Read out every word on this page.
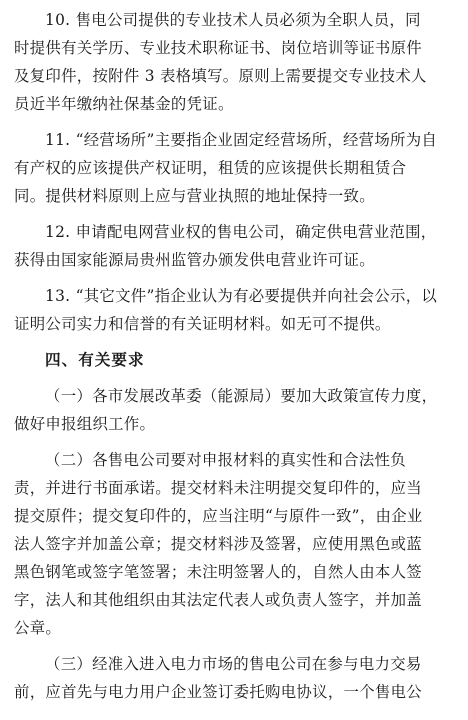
10. 售电公司提供的专业技术人员必须为全职人员，同
时提供有关学历、专业技术职称证书、岗位培训等证书原件
及复印件，按附件 3 表格填写。原则上需要提交专业技术人
员近半年缴纳社保基金的凭证。

11. “经营场所”主要指企业固定经营场所，经营场所为自
有产权的应该提供产权证明，租赁的应该提供长期租赁合
同。提供材料原则上应与营业执照的地址保持一致。

12. 申请配电网营业权的售电公司，确定供电营业范围，
获得由国家能源局贵州监管办颁发供电营业许可证。

13. “其它文件”指企业认为有必要提供并向社会公示，以
证明公司实力和信誉的有关证明材料。如无可不提供。

四、有关要求

（一）各市发展改革委（能源局）要加大政策宣传力度，
做好申报组织工作。

（二）各售电公司要对申报材料的真实性和合法性负
责，并进行书面承诺。提交材料未注明提交复印件的，应当
提交原件；提交复印件的，应当注明“与原件一致”，由企业
法人签字并加盖公章；提交材料涉及签署，应使用黑色或蓝
黑色钢笔或签字笔签署；未注明签署人的，自然人由本人签
字，法人和其他组织由其法定代表人或负责人签字，并加盖
公章。

（三）经准入进入电力市场的售电公司在参与电力交易
前，应首先与电力用户企业签订委托购电协议，一个售电公
